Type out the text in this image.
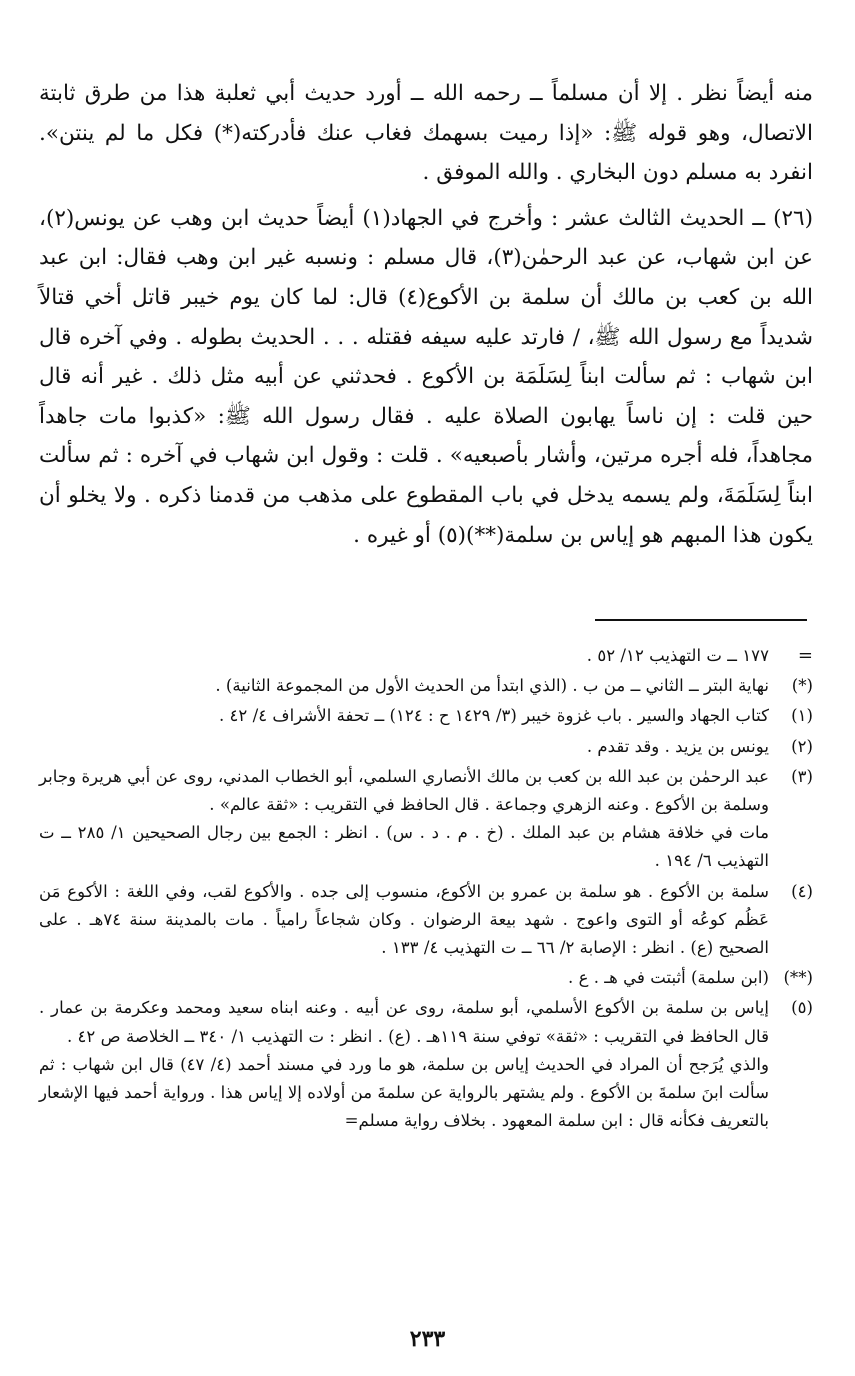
منه أيضاً نظر . إلا أن مسلماً ــ رحمه الله ــ أورد حديث أبي ثعلبة هذا من طرق ثابتة الاتصال، وهو قوله ﷺ: «إذا رميت بسهمك فغاب عنك فأدركته(*) فكل ما لم ينتن». انفرد به مسلم دون البخاري . والله الموفق .

(٢٦) ــ الحديث الثالث عشر : وأخرج في الجهاد(١) أيضاً حديث ابن وهب عن يونس(٢)، عن ابن شهاب، عن عبد الرحمٰن(٣)، قال مسلم : ونسبه غير ابن وهب فقال: ابن عبد الله بن كعب بن مالك أن سلمة بن الأكوع(٤) قال: لما كان يوم خيبر قاتل أخي قتالاً شديداً مع رسول الله ﷺ، / فارتد عليه سيفه فقتله . . . الحديث بطوله . وفي آخره قال ابن شهاب : ثم سألت ابناً لِسَلَمَة بن الأكوع . فحدثني عن أبيه مثل ذلك . غير أنه قال حين قلت : إن ناساً يهابون الصلاة عليه . فقال رسول الله ﷺ: «كذبوا مات جاهداً مجاهداً، فله أجره مرتين، وأشار بأصبعيه» . قلت : وقول ابن شهاب في آخره : ثم سألت ابناً لِسَلَمَةَ، ولم يسمه يدخل في باب المقطوع على مذهب من قدمنا ذكره . ولا يخلو أن يكون هذا المبهم هو إياس بن سلمة(**)(٥) أو غيره .

=

١٧٧ ــ ت التهذيب ١٢/ ٥٢ .

(*)

نهاية البتر ــ الثاني ــ من ب . (الذي ابتدأ من الحديث الأول من المجموعة الثانية) .

(١)

كتاب الجهاد والسير . باب غزوة خيبر (٣/ ١٤٢٩ ح : ١٢٤) ــ تحفة الأشراف ٤/ ٤٢ .

(٢)

يونس بن يزيد . وقد تقدم .

(٣)

عبد الرحمٰن بن عبد الله بن كعب بن مالك الأنصاري السلمي، أبو الخطاب المدني، روى عن أبي هريرة وجابر وسلمة بن الأكوع . وعنه الزهري وجماعة . قال الحافظ في التقريب : «ثقة عالم» .

مات في خلافة هشام بن عبد الملك . (خ . م . د . س) . انظر : الجمع بين رجال الصحيحين ١/ ٢٨٥ ــ ت التهذيب ٦/ ١٩٤ .

(٤)

سلمة بن الأكوع . هو سلمة بن عمرو بن الأكوع، منسوب إلى جده . والأكوع لقب، وفي اللغة : الأكوع مَن عَظُم كوعُه أو التوى واعوج . شهد بيعة الرضوان . وكان شجاعاً رامياً . مات بالمدينة سنة ٧٤هـ . على الصحيح (ع) . انظر : الإصابة ٢/ ٦٦ ــ ت التهذيب ٤/ ١٣٣ .

(**)

(ابن سلمة) أثبتت في هـ . ع .

(٥)

إياس بن سلمة بن الأكوع الأسلمي، أبو سلمة، روى عن أبيه . وعنه ابناه سعيد ومحمد وعكرمة بن عمار . قال الحافظ في التقريب : «ثقة» توفي سنة ١١٩هـ . (ع) . انظر : ت التهذيب ١/ ٣٤٠ ــ الخلاصة ص ٤٢ .

والذي يُرَجح أن المراد في الحديث إياس بن سلمة، هو ما ورد في مسند أحمد (٤/ ٤٧) قال ابن شهاب : ثم سألت ابنَ سلمةَ بن الأكوع . ولم يشتهر بالرواية عن سلمةَ من أولاده إلا إياس هذا . ورواية أحمد فيها الإشعار بالتعريف فكأنه قال : ابن سلمة المعهود . بخلاف رواية مسلم=

٢٣٣
